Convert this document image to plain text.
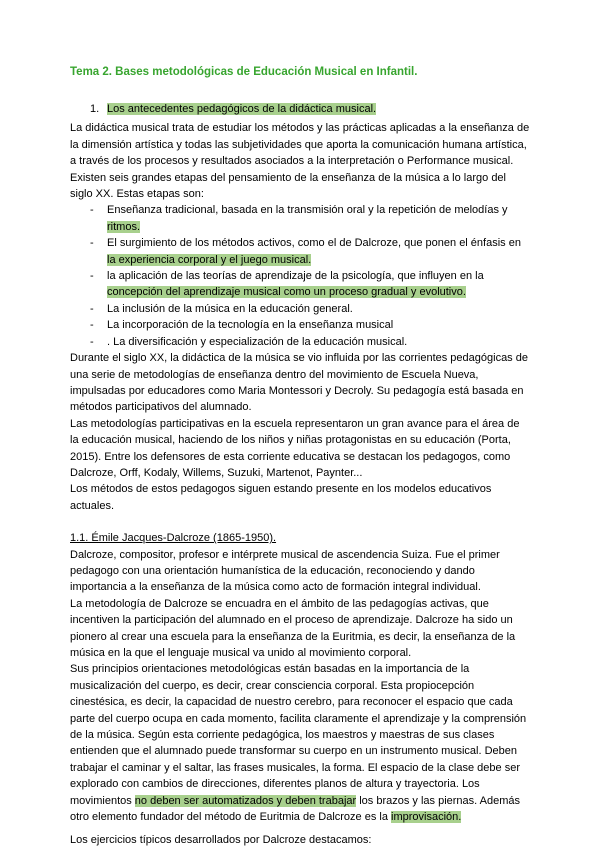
Tema 2. Bases metodológicas de Educación Musical en Infantil.

1. Los antecedentes pedagógicos de la didáctica musical.

La didáctica musical trata de estudiar los métodos y las prácticas aplicadas a la enseñanza de la dimensión artística y todas las subjetividades que aporta la comunicación humana artística, a través de los procesos y resultados asociados a la interpretación o Performance musical. Existen seis grandes etapas del pensamiento de la enseñanza de la música a lo largo del siglo XX. Estas etapas son:

- Enseñanza tradicional, basada en la transmisión oral y la repetición de melodías y ritmos.
- El surgimiento de los métodos activos, como el de Dalcroze, que ponen el énfasis en la experiencia corporal y el juego musical.
- la aplicación de las teorías de aprendizaje de la psicología, que influyen en la concepción del aprendizaje musical como un proceso gradual y evolutivo.
- La inclusión de la música en la educación general.
- La incorporación de la tecnología en la enseñanza musical
- . La diversificación y especialización de la educación musical.

Durante el siglo XX, la didáctica de la música se vio influida por las corrientes pedagógicas de una serie de metodologías de enseñanza dentro del movimiento de Escuela Nueva, impulsadas por educadores como Maria Montessori y Decroly. Su pedagogía está basada en métodos participativos del alumnado.

Las metodologías participativas en la escuela representaron un gran avance para el área de la educación musical, haciendo de los niños y niñas protagonistas en su educación (Porta, 2015). Entre los defensores de esta corriente educativa se destacan los pedagogos, como Dalcroze, Orff, Kodaly, Willems, Suzuki, Martenot, Paynter...

Los métodos de estos pedagogos siguen estando presente en los modelos educativos actuales.

1.1. Émile Jacques-Dalcroze (1865-1950).

Dalcroze, compositor, profesor e intérprete musical de ascendencia Suiza. Fue el primer pedagogo con una orientación humanística de la educación, reconociendo y dando importancia a la enseñanza de la música como acto de formación integral individual.

La metodología de Dalcroze se encuadra en el ámbito de las pedagogías activas, que incentiven la participación del alumnado en el proceso de aprendizaje. Dalcroze ha sido un pionero al crear una escuela para la enseñanza de la Euritmia, es decir, la enseñanza de la música en la que el lenguaje musical va unido al movimiento corporal.

Sus principios orientaciones metodológicas están basadas en la importancia de la musicalización del cuerpo, es decir, crear consciencia corporal. Esta propiocepción cinestésica, es decir, la capacidad de nuestro cerebro, para reconocer el espacio que cada parte del cuerpo ocupa en cada momento, facilita claramente el aprendizaje y la comprensión de la música. Según esta corriente pedagógica, los maestros y maestras de sus clases entienden que el alumnado puede transformar su cuerpo en un instrumento musical. Deben trabajar el caminar y el saltar, las frases musicales, la forma. El espacio de la clase debe ser explorado con cambios de direcciones, diferentes planos de altura y trayectoria. Los movimientos no deben ser automatizados y deben trabajar los brazos y las piernas. Además otro elemento fundador del método de Euritmia de Dalcroze es la improvisación.

Los ejercicios típicos desarrollados por Dalcroze destacamos:
